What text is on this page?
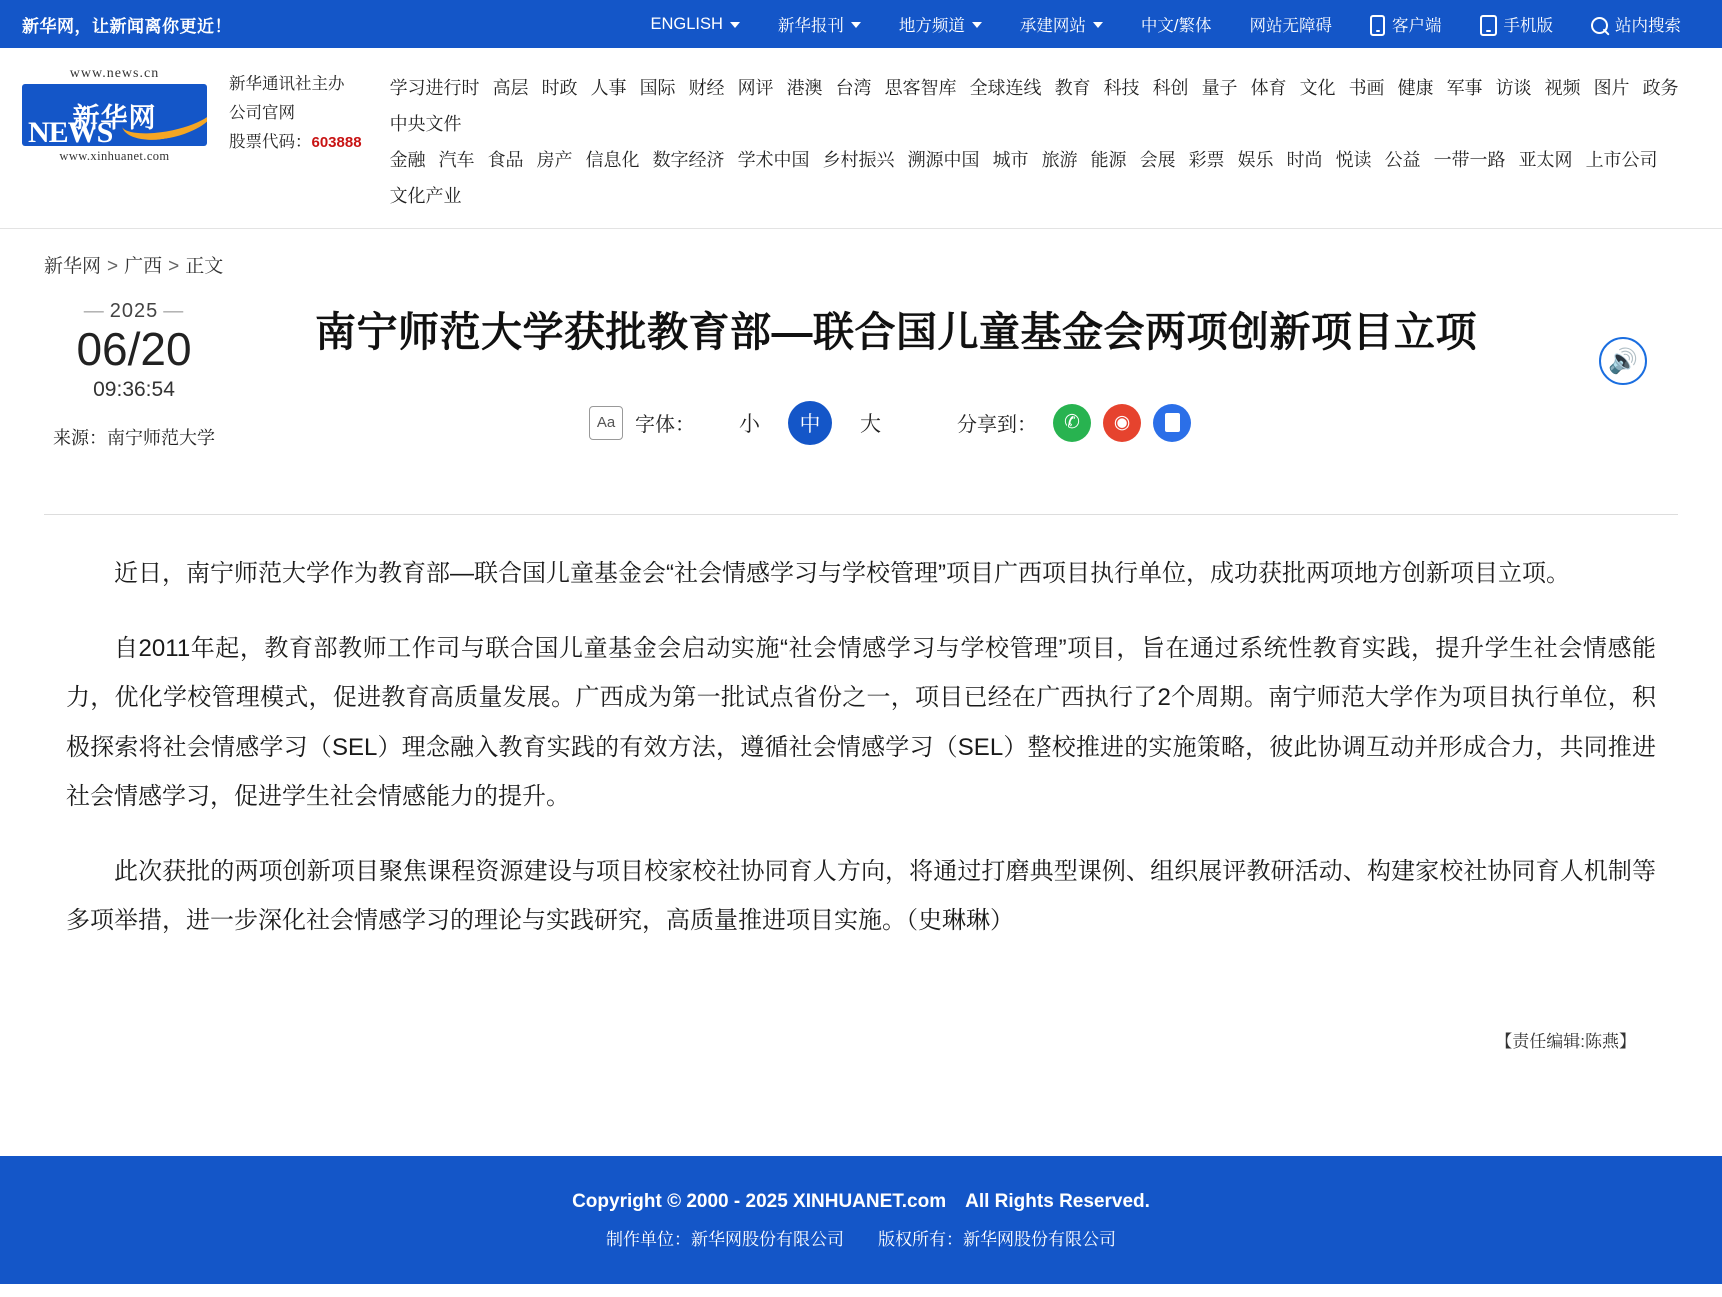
新华网，让新闻离你更近！	ENGLISH	新华报刊	地方频道	承建网站	中文/繁体 网站无障碍	客户端	手机版	站内搜索
www.news.cn
新华网
NEWS
www.xinhuanet.com
新华通讯社主办
公司官网
股票代码：603888
学习进行时 高层 时政 人事 国际 财经 网评 港澳 台湾 思客智库 全球连线 教育 科技 科创 量子 体育 文化 书画 健康 军事 访谈 视频 图片 政务中央文件
金融 汽车 食品 房产 信息化 数字经济 学术中国 乡村振兴 溯源中国 城市 旅游 能源 会展 彩票 娱乐 时尚 悦读 公益 一带一路 亚太网 上市公司文化产业
新华网 > 广西 > 正文
— 2025 —
06/20
09:36:54
来源：南宁师范大学
南宁师范大学获批教育部—联合国儿童基金会两项创新项目立项
Aa 字体： 小	中	大	分享到： ✆ ◉
🔊

近日，南宁师范大学作为教育部—联合国儿童基金会“社会情感学习与学校管理”项目广西项目执行单位，成功获批两项地方创新项目立项。

自2011年起，教育部教师工作司与联合国儿童基金会启动实施“社会情感学习与学校管理”项目，旨在通过系统性教育实践，提升学生社会情感能力，优化学校管理模式，促进教育高质量发展。广西成为第一批试点省份之一，项目已经在广西执行了2个周期。南宁师范大学作为项目执行单位，积极探索将社会情感学习（SEL）理念融入教育实践的有效方法，遵循社会情感学习（SEL）整校推进的实施策略，彼此协调互动并形成合力，共同推进社会情感学习，促进学生社会情感能力的提升。

此次获批的两项创新项目聚焦课程资源建设与项目校家校社协同育人方向，将通过打磨典型课例、组织展评教研活动、构建家校社协同育人机制等多项举措，进一步深化社会情感学习的理论与实践研究，高质量推进项目实施。（史琳琳）

【责任编辑:陈燕】
Copyright © 2000 - 2025 XINHUANET.com　All Rights Reserved.
制作单位：新华网股份有限公司 版权所有：新华网股份有限公司
